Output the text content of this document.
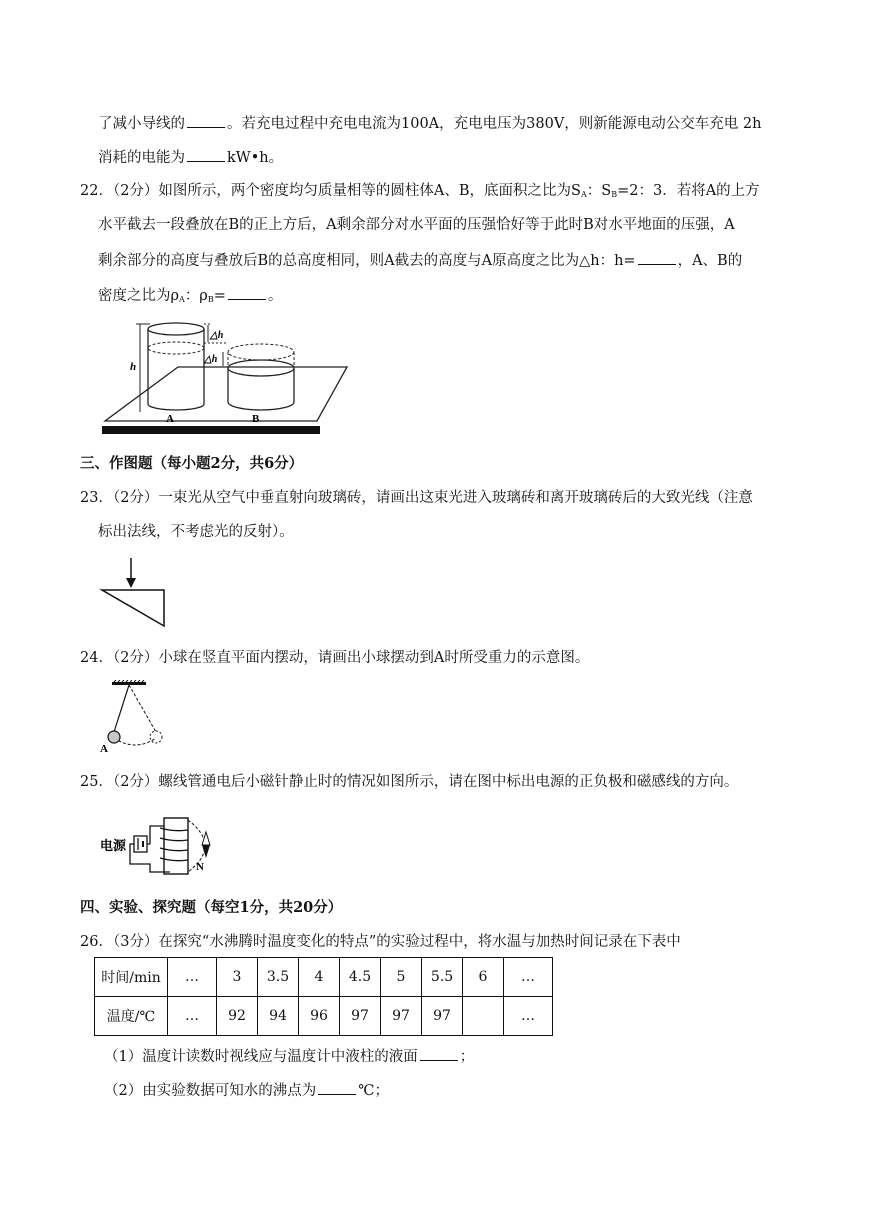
了减小导线的	。若充电过程中充电电流为100A，充电电压为380V，则新能源电动公交车充电 2h
消耗的电能为	kW•h。
22．（2分）如图所示，两个密度均匀质量相等的圆柱体A、B，底面积之比为$S_A$：$S_B=2$：3．若将A的上方
水平截去一段叠放在B的正上方后，A剩余部分对水平面的压强恰好等于此时B对水平地面的压强，A
剩余部分的高度与叠放后B的总高度相同，则A截去的高度与A原高度之比为△h：h=	，A、B的
密度之比为$\rho_A$：$\rho_B=$	。
h
△h
△h
A	B
三、作图题（每小题2分，共6分）
23．（2分）一束光从空气中垂直射向玻璃砖，请画出这束光进入玻璃砖和离开玻璃砖后的大致光线（注意
标出法线，不考虑光的反射）。
24．（2分）小球在竖直平面内摆动，请画出小球摆动到A时所受重力的示意图。
A
25．（2分）螺线管通电后小磁针静止时的情况如图所示，请在图中标出电源的正负极和磁感线的方向。
电源
N
四、实验、探究题（每空1分，共20分）
26．（3分）在探究“水沸腾时温度变化的特点”的实验过程中，将水温与加热时间记录在下表中
时间/min	…	3	3.5	4	4.5	5	5.5	6	…
温度/℃	…	92	94	96	97	97	97		…
（1）温度计读数时视线应与温度计中液柱的液面	；
（2）由实验数据可知水的沸点为	℃；
